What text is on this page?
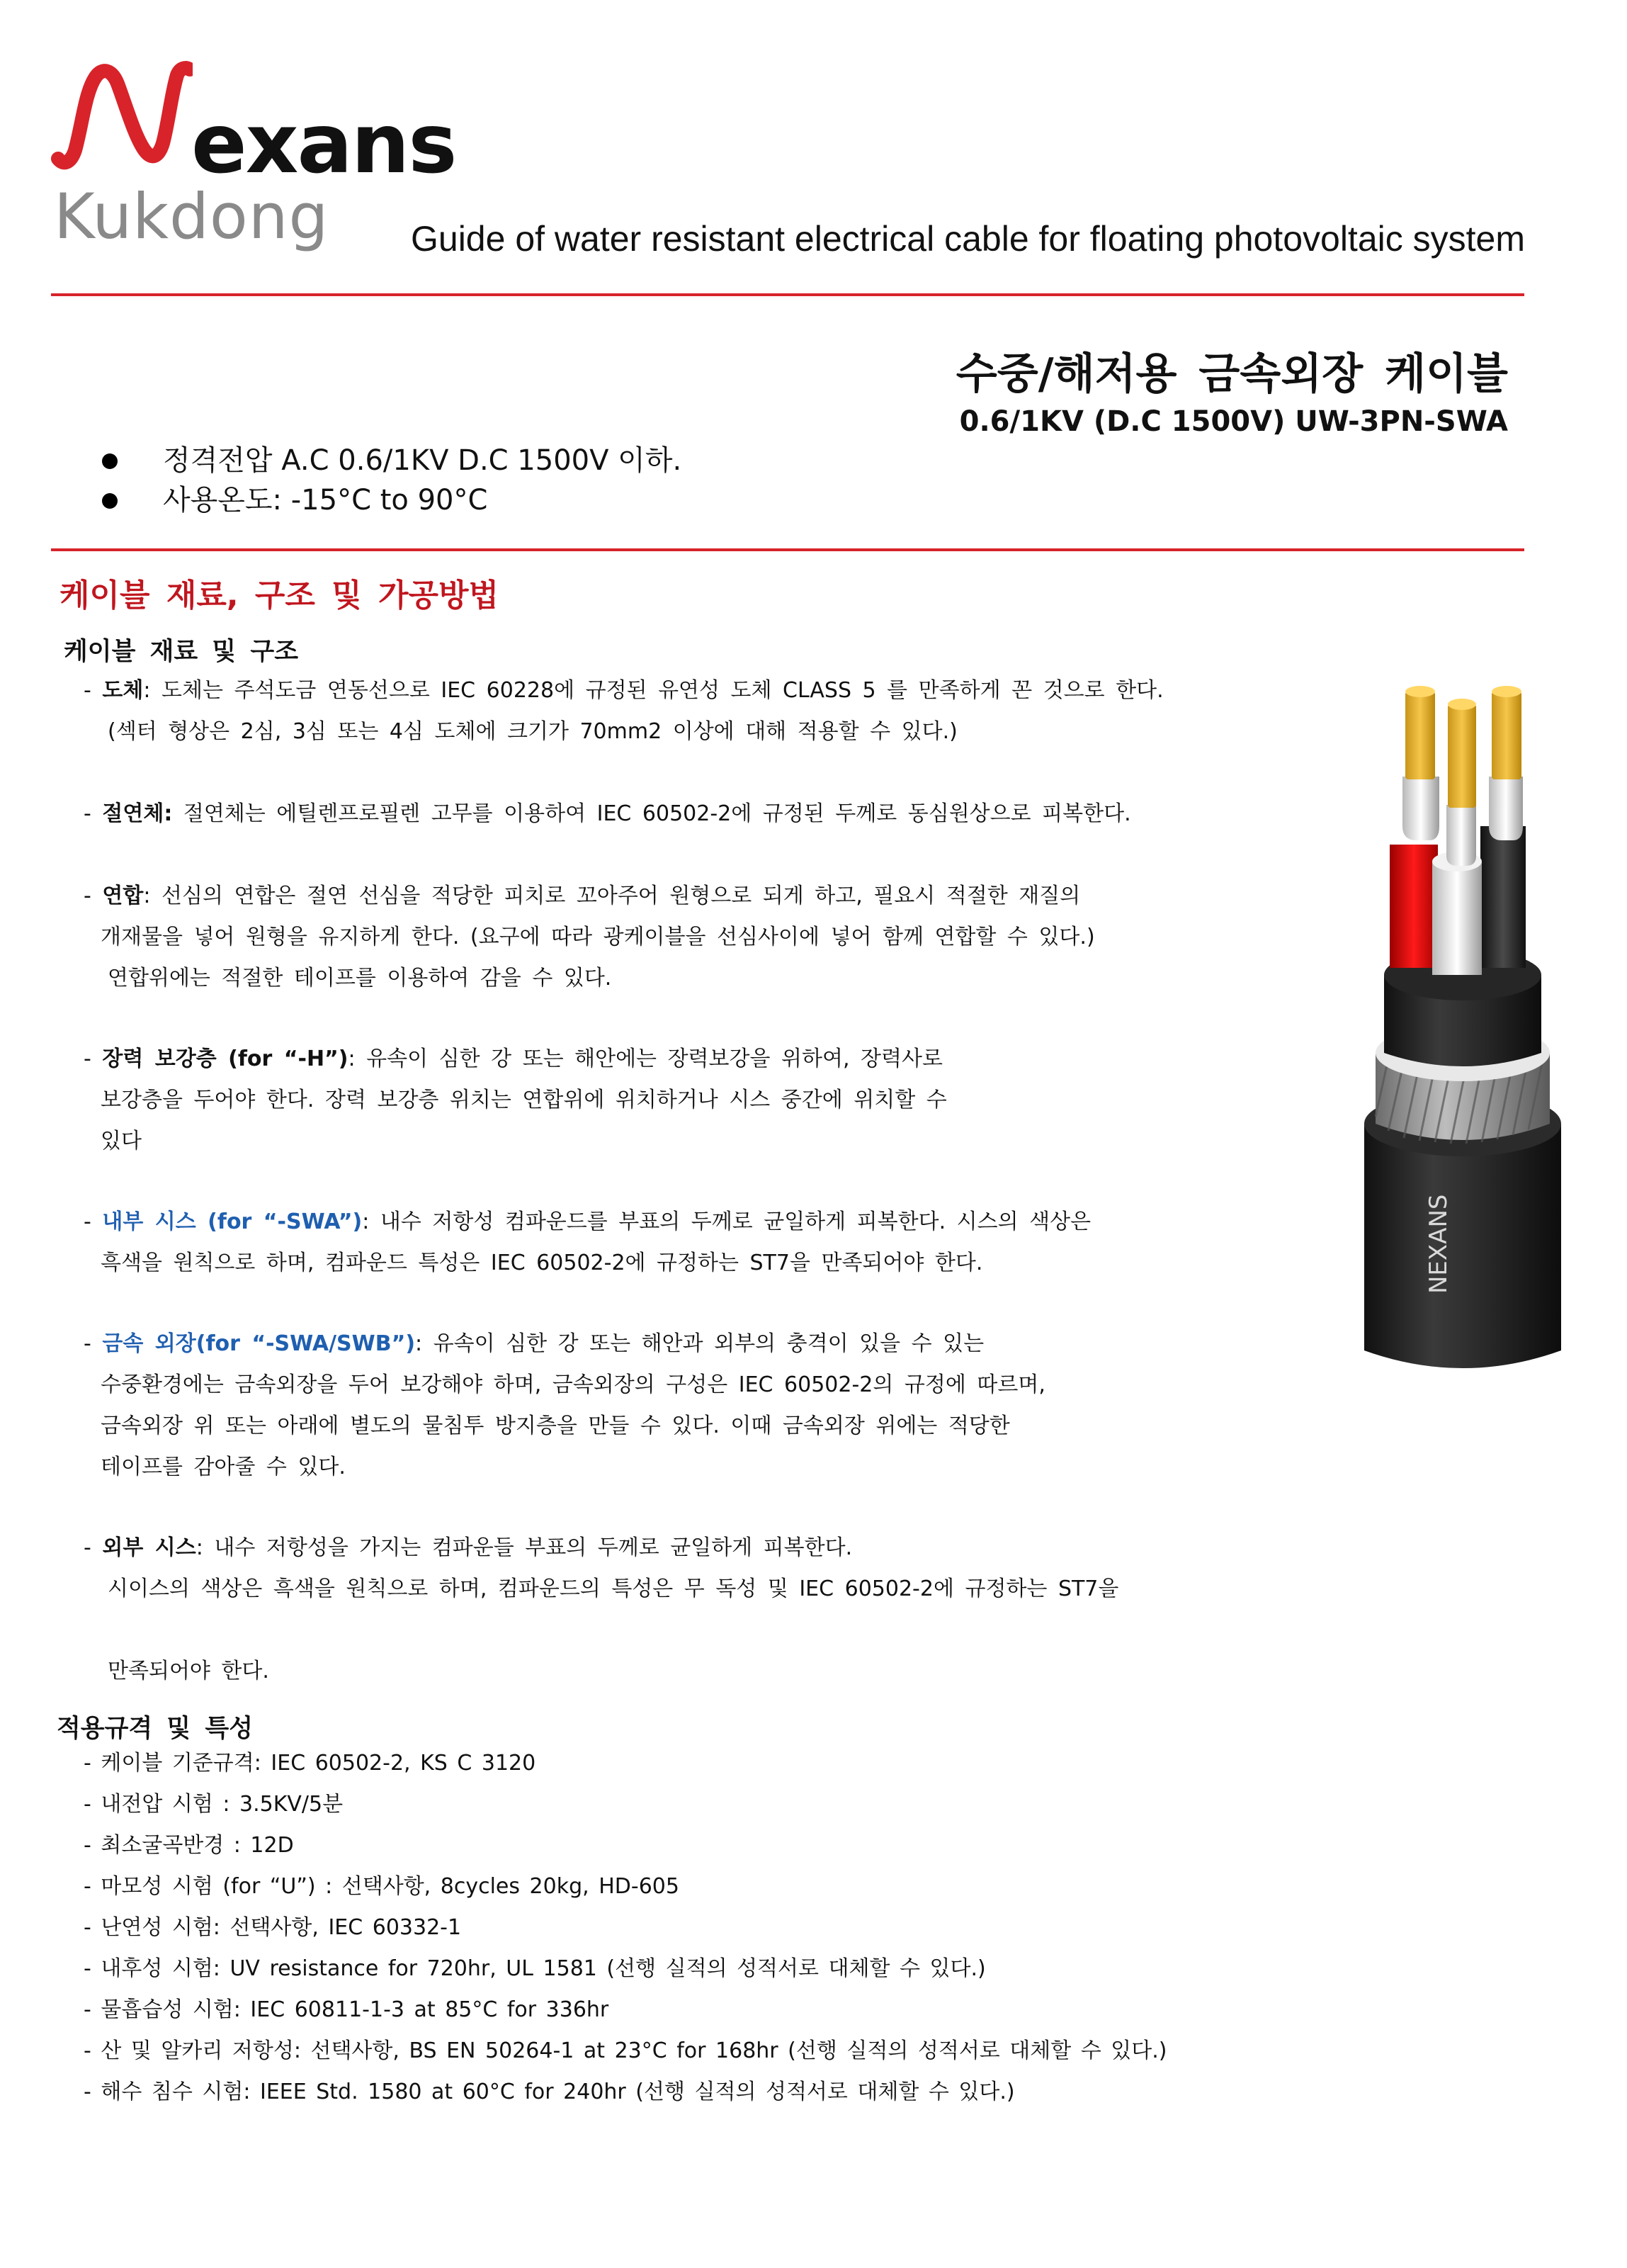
exans
Kukdong Guide of water resistant electrical cable for floating photovoltaic system
수중/해저용 금속외장 케이블
0.6/1KV (D.C 1500V) UW-3PN-SWA
정격전압 A.C 0.6/1KV D.C 1500V 이하.
사용온도: -15°C to 90°C
케이블 재료, 구조 및 가공방법
케이블 재료 및 구조
- 도체: 도체는 주석도금 연동선으로 IEC 60228에 규정된 유연성 도체 CLASS 5 를 만족하게 꼰 것으로 한다.
(섹터 형상은 2심, 3심 또는 4심 도체에 크기가 70mm2 이상에 대해 적용할 수 있다.)
- 절연체: 절연체는 에틸렌프로필렌 고무를 이용하여 IEC 60502-2에 규정된 두께로 동심원상으로 피복한다.
- 연합: 선심의 연합은 절연 선심을 적당한 피치로 꼬아주어 원형으로 되게 하고, 필요시 적절한 재질의
개재물을 넣어 원형을 유지하게 한다. (요구에 따라 광케이블을 선심사이에 넣어 함께 연합할 수 있다.)
연합위에는 적절한 테이프를 이용하여 감을 수 있다.
- 장력 보강층 (for “-H”): 유속이 심한 강 또는 해안에는 장력보강을 위하여, 장력사로
보강층을 두어야 한다. 장력 보강층 위치는 연합위에 위치하거나 시스 중간에 위치할 수
있다
- 내부 시스 (for “-SWA”): 내수 저항성 컴파운드를 부표의 두께로 균일하게 피복한다. 시스의 색상은
흑색을 원칙으로 하며, 컴파운드 특성은 IEC 60502-2에 규정하는 ST7을 만족되어야 한다.
- 금속 외장(for “-SWA/SWB”): 유속이 심한 강 또는 해안과 외부의 충격이 있을 수 있는
수중환경에는 금속외장을 두어 보강해야 하며, 금속외장의 구성은 IEC 60502-2의 규정에 따르며,
금속외장 위 또는 아래에 별도의 물침투 방지층을 만들 수 있다. 이때 금속외장 위에는 적당한
테이프를 감아줄 수 있다.
- 외부 시스: 내수 저항성을 가지는 컴파운들 부표의 두께로 균일하게 피복한다.
시이스의 색상은 흑색을 원칙으로 하며, 컴파운드의 특성은 무 독성 및 IEC 60502-2에 규정하는 ST7을
만족되어야 한다.
적용규격 및 특성
- 케이블 기준규격: IEC 60502-2, KS C 3120
- 내전압 시험 : 3.5KV/5분
- 최소굴곡반경 : 12D
- 마모성 시험 (for “U”) : 선택사항, 8cycles 20kg, HD-605
- 난연성 시험: 선택사항, IEC 60332-1
- 내후성 시험: UV resistance for 720hr, UL 1581 (선행 실적의 성적서로 대체할 수 있다.)
- 물흡습성 시험: IEC 60811-1-3 at 85°C for 336hr
- 산 및 알카리 저항성: 선택사항, BS EN 50264-1 at 23°C for 168hr (선행 실적의 성적서로 대체할 수 있다.)
- 해수 침수 시험: IEEE Std. 1580 at 60°C for 240hr (선행 실적의 성적서로 대체할 수 있다.)
NEXANS
